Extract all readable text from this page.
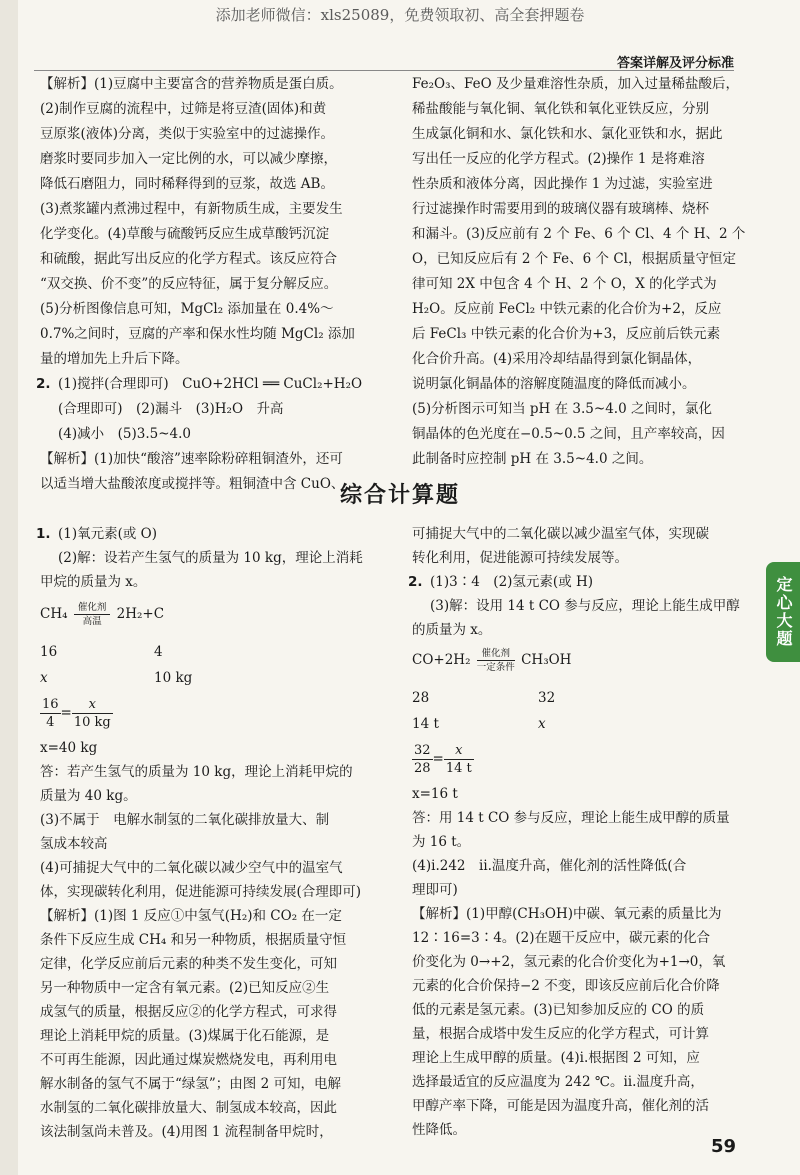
添加老师微信：xls25089，免费领取初、高全套押题卷
答案详解及评分标准

【解析】(1)豆腐中主要富含的营养物质是蛋白质。

(2)制作豆腐的流程中，过筛是将豆渣(固体)和黄

豆原浆(液体)分离，类似于实验室中的过滤操作。

磨浆时要同步加入一定比例的水，可以减少摩擦，

降低石磨阻力，同时稀释得到的豆浆，故选 AB。

(3)煮浆罐内煮沸过程中，有新物质生成，主要发生

化学变化。(4)草酸与硫酸钙反应生成草酸钙沉淀

和硫酸，据此写出反应的化学方程式。该反应符合

“双交换、价不变”的反应特征，属于复分解反应。

(5)分析图像信息可知，MgCl₂ 添加量在 0.4%～

0.7%之间时，豆腐的产率和保水性均随 MgCl₂ 添加

量的增加先上升后下降。

2. (1)搅拌(合理即可)　CuO+2HCl ══ CuCl₂+H₂O

(合理即可)　(2)漏斗　(3)H₂O　升高

(4)减小　(5)3.5~4.0

【解析】(1)加快“酸溶”速率除粉碎粗铜渣外，还可

以适当增大盐酸浓度或搅拌等。粗铜渣中含 CuO、

Fe₂O₃、FeO 及少量难溶性杂质，加入过量稀盐酸后，

稀盐酸能与氧化铜、氧化铁和氧化亚铁反应，分别

生成氯化铜和水、氯化铁和水、氯化亚铁和水，据此

写出任一反应的化学方程式。(2)操作 1 是将难溶

性杂质和液体分离，因此操作 1 为过滤，实验室进

行过滤操作时需要用到的玻璃仪器有玻璃棒、烧杯

和漏斗。(3)反应前有 2 个 Fe、6 个 Cl、4 个 H、2 个

O，已知反应后有 2 个 Fe、6 个 Cl，根据质量守恒定

律可知 2X 中包含 4 个 H、2 个 O，X 的化学式为

H₂O。反应前 FeCl₂ 中铁元素的化合价为+2，反应

后 FeCl₃ 中铁元素的化合价为+3，反应前后铁元素

化合价升高。(4)采用冷却结晶得到氯化铜晶体，

说明氯化铜晶体的溶解度随温度的降低而减小。

(5)分析图示可知当 pH 在 3.5~4.0 之间时，氯化

铜晶体的色光度在−0.5~0.5 之间，且产率较高，因

此制备时应控制 pH 在 3.5~4.0 之间。

综合计算题
1. (1)氧元素(或 O)

(2)解：设若产生氢气的质量为 10 kg，理论上消耗

甲烷的质量为 x。

CH₄	催化剂
高温	2H₂+C
16	4
x	10 kg
$\frac{16}{4} = \frac{x}{10 kg}$

x=40 kg

答：若产生氢气的质量为 10 kg，理论上消耗甲烷的

质量为 40 kg。

(3)不属于　电解水制氢的二氧化碳排放量大、制

氢成本较高

(4)可捕捉大气中的二氧化碳以减少空气中的温室气

体，实现碳转化利用，促进能源可持续发展(合理即可)

【解析】(1)图 1 反应①中氢气(H₂)和 CO₂ 在一定

条件下反应生成 CH₄ 和另一种物质，根据质量守恒

定律，化学反应前后元素的种类不发生变化，可知

另一种物质中一定含有氧元素。(2)已知反应②生

成氢气的质量，根据反应②的化学方程式，可求得

理论上消耗甲烷的质量。(3)煤属于化石能源，是

不可再生能源，因此通过煤炭燃烧发电，再利用电

解水制备的氢气不属于“绿氢”；由图 2 可知，电解

水制氢的二氧化碳排放量大、制氢成本较高，因此

该法制氢尚未普及。(4)用图 1 流程制备甲烷时，

可捕捉大气中的二氧化碳以减少温室气体，实现碳

转化利用，促进能源可持续发展等。

2. (1)3∶4　(2)氢元素(或 H)

(3)解：设用 14 t CO 参与反应，理论上能生成甲醇

的质量为 x。

CO+2H₂	催化剂
一定条件 CH₃OH
28	32
14 t	x
$\frac{32}{28} = \frac{x}{14 t}$

x=16 t

答：用 14 t CO 参与反应，理论上能生成甲醇的质量

为 16 t。

(4)ⅰ.242　ⅱ.温度升高，催化剂的活性降低(合

理即可)

【解析】(1)甲醇(CH₃OH)中碳、氧元素的质量比为

12∶16=3∶4。(2)在题干反应中，碳元素的化合

价变化为 0→+2，氢元素的化合价变化为+1→0，氧

元素的化合价保持−2 不变，即该反应前后化合价降

低的元素是氢元素。(3)已知参加反应的 CO 的质

量，根据合成塔中发生反应的化学方程式，可计算

理论上生成甲醇的质量。(4)ⅰ.根据图 2 可知，应

选择最适宜的反应温度为 242 ℃。ⅱ.温度升高，

甲醇产率下降，可能是因为温度升高，催化剂的活

性降低。

定心大题
59
